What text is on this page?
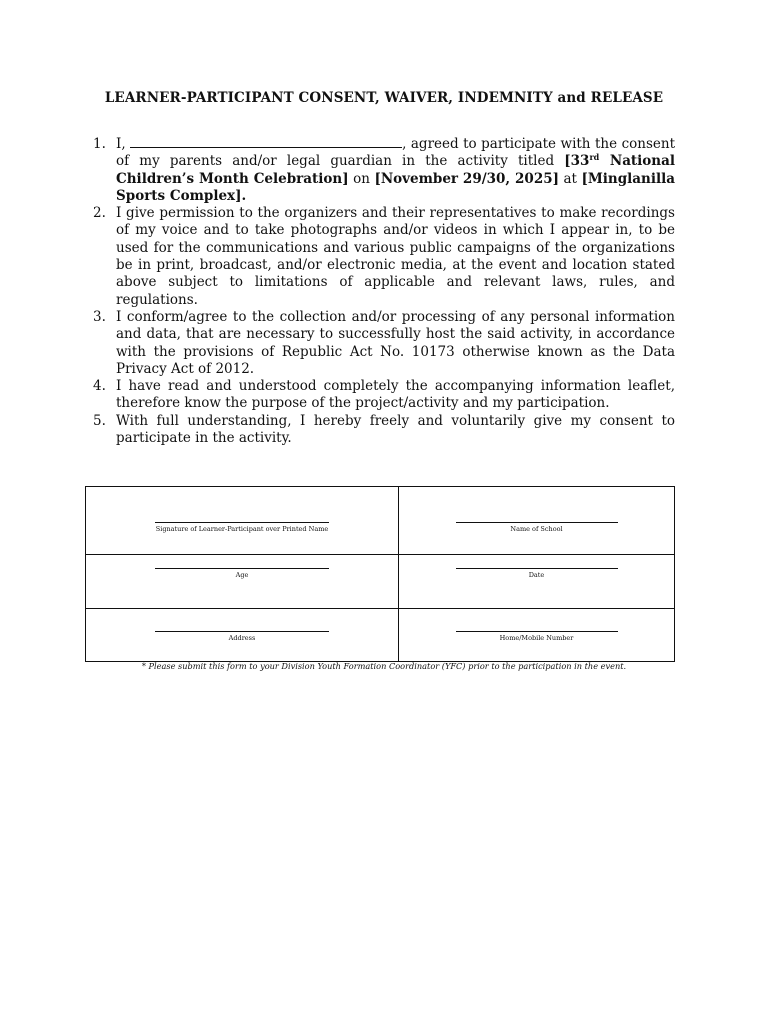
LEARNER-PARTICIPANT CONSENT, WAIVER, INDEMNITY and RELEASE
1. I,	, agreed to participate with the consent of my parents and/or legal guardian in the activity titled [33rd National Children’s Month Celebration] on [November 29/30, 2025] at [Minglanilla Sports Complex].
2. I give permission to the organizers and their representatives to make recordings of my voice and to take photographs and/or videos in which I appear in, to be used for the communications and various public campaigns of the organizations be in print, broadcast, and/or electronic media, at the event and location stated above subject to limitations of applicable and relevant laws, rules, and regulations.
3. I conform/agree to the collection and/or processing of any personal information and data, that are necessary to successfully host the said activity, in accordance with the provisions of Republic Act No. 10173 otherwise known as the Data Privacy Act of 2012.
4. I have read and understood completely the accompanying information leaflet, therefore know the purpose of the project/activity and my participation.
5. With full understanding, I hereby freely and voluntarily give my consent to participate in the activity.
Signature of Learner-Participant over Printed Name	Name of School

Age	Date

Address	Home/Mobile Number

* Please submit this form to your Division Youth Formation Coordinator (YFC) prior to the participation in the event.
